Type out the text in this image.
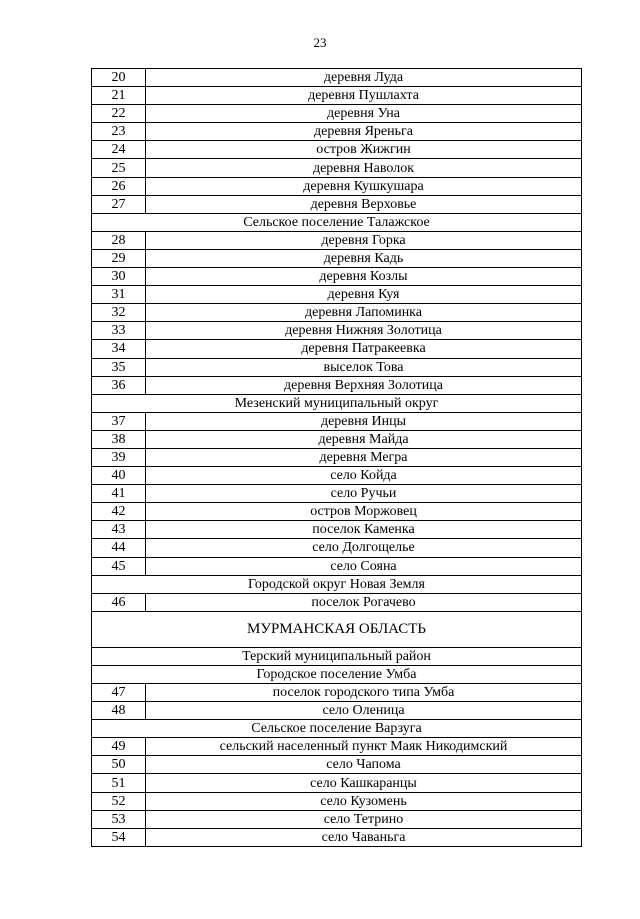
23
20	деревня Луда
21	деревня Пушлахта
22	деревня Уна
23	деревня Яреньга
24	остров Жижгин
25	деревня Наволок
26	деревня Кушкушара
27	деревня Верховье
Сельское поселение Талажское	
28	деревня Горка
29	деревня Кадь
30	деревня Козлы
31	деревня Куя
32	деревня Лапоминка
33	деревня Нижняя Золотица
34	деревня Патракеевка
35	выселок Това
36	деревня Верхняя Золотица
Мезенский муниципальный округ	
37	деревня Инцы
38	деревня Майда
39	деревня Мегра
40	село Койда
41	село Ручьи
42	остров Моржовец
43	поселок Каменка
44	село Долгощелье
45	село Сояна
Городской округ Новая Земля	
46	поселок Рогачево
МУРМАНСКАЯ ОБЛАСТЬ	
Терский муниципальный район	
Городское поселение Умба	
47	поселок городского типа Умба
48	село Оленица
Сельское поселение Варзуга	
49	сельский населенный пункт Маяк Никодимский
50	село Чапома
51	село Кашкаранцы
52	село Кузомень
53	село Тетрино
54	село Чаваньга
